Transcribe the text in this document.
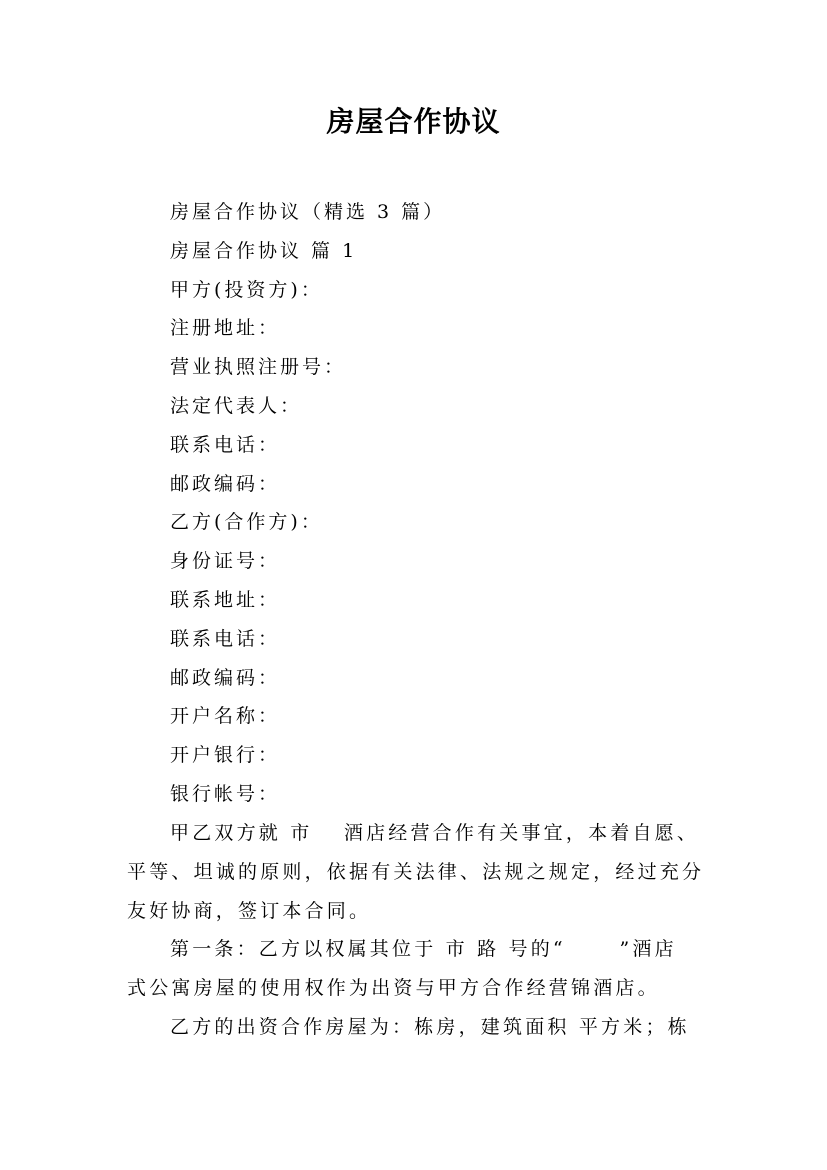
房屋合作协议
房屋合作协议（精选 3 篇）
房屋合作协议 篇 1
甲方(投资方)：
注册地址：
营业执照注册号：
法定代表人：
联系电话：
邮政编码：
乙方(合作方)：
身份证号：
联系地址：
联系电话：
邮政编码：
开户名称：
开户银行：
银行帐号：
甲乙双方就 市　 酒店经营合作有关事宜，本着自愿、
平等、坦诚的原则，依据有关法律、法规之规定，经过充分
友好协商，签订本合同。
第一条：乙方以权属其位于 市 路 号的“　　 ”酒店
式公寓房屋的使用权作为出资与甲方合作经营锦酒店。
乙方的出资合作房屋为：栋房，建筑面积 平方米；栋
